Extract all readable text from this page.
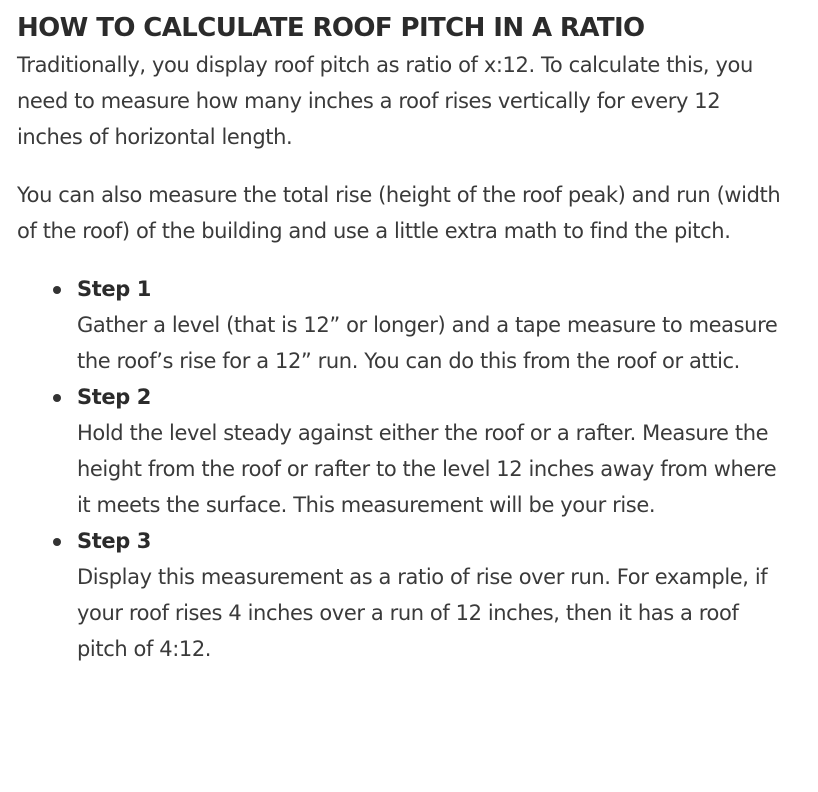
HOW TO CALCULATE ROOF PITCH IN A RATIO

Traditionally, you display roof pitch as ratio of x:12. To calculate this, you need to measure how many inches a roof rises vertically for every 12 inches of horizontal length.

You can also measure the total rise (height of the roof peak) and run (width of the roof) of the building and use a little extra math to find the pitch.

Step 1
Gather a level (that is 12” or longer) and a tape measure to measure the roof’s rise for a 12” run. You can do this from the roof or attic.
Step 2
Hold the level steady against either the roof or a rafter. Measure the height from the roof or rafter to the level 12 inches away from where it meets the surface. This measurement will be your rise.
Step 3
Display this measurement as a ratio of rise over run. For example, if your roof rises 4 inches over a run of 12 inches, then it has a roof pitch of 4:12.
